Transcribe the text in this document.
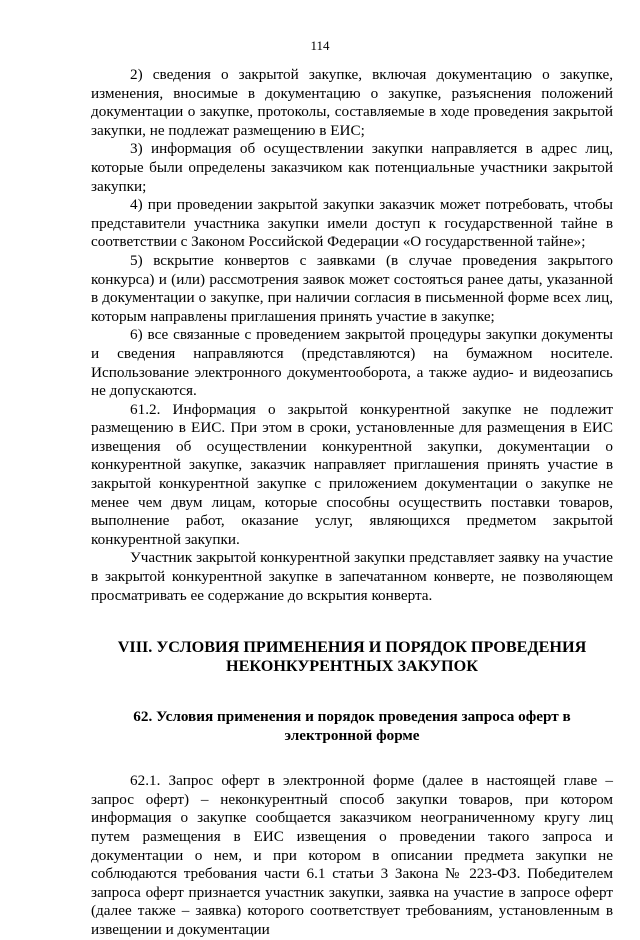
114

2) сведения о закрытой закупке, включая документацию о закупке, изменения, вносимые в документацию о закупке, разъяснения положений документации о закупке, протоколы, составляемые в ходе проведения закрытой закупки, не подлежат размещению в ЕИС;

3) информация об осуществлении закупки направляется в адрес лиц, которые были определены заказчиком как потенциальные участники закрытой закупки;

4) при проведении закрытой закупки заказчик может потребовать, чтобы представители участника закупки имели доступ к государственной тайне в соответствии с Законом Российской Федерации «О государственной тайне»;

5) вскрытие конвертов с заявками (в случае проведения закрытого конкурса) и (или) рассмотрения заявок может состояться ранее даты, указанной в документации о закупке, при наличии согласия в письменной форме всех лиц, которым направлены приглашения принять участие в закупке;

6) все связанные с проведением закрытой процедуры закупки документы и сведения направляются (представляются) на бумажном носителе. Использование электронного документооборота, а также аудио- и видеозапись не допускаются.

61.2. Информация о закрытой конкурентной закупке не подлежит размещению в ЕИС. При этом в сроки, установленные для размещения в ЕИС извещения об осуществлении конкурентной закупки, документации о конкурентной закупке, заказчик направляет приглашения принять участие в закрытой конкурентной закупке с приложением документации о закупке не менее чем двум лицам, которые способны осуществить поставки товаров, выполнение работ, оказание услуг, являющихся предметом закрытой конкурентной закупки.

Участник закрытой конкурентной закупки представляет заявку на участие в закрытой конкурентной закупке в запечатанном конверте, не позволяющем просматривать ее содержание до вскрытия конверта.

VIII. УСЛОВИЯ ПРИМЕНЕНИЯ И ПОРЯДОК ПРОВЕДЕНИЯ
НЕКОНКУРЕНТНЫХ ЗАКУПОК
62. Условия применения и порядок проведения запроса оферт в
электронной форме

62.1. Запрос оферт в электронной форме (далее в настоящей главе – запрос оферт) – неконкурентный способ закупки товаров, при котором информация о закупке сообщается заказчиком неограниченному кругу лиц путем размещения в ЕИС извещения о проведении такого запроса и документации о нем, и при котором в описании предмета закупки не соблюдаются требования части 6.1 статьи 3 Закона № 223-ФЗ. Победителем запроса оферт признается участник закупки, заявка на участие в запросе оферт (далее также – заявка) которого соответствует требованиям, установленным в извещении и документации
